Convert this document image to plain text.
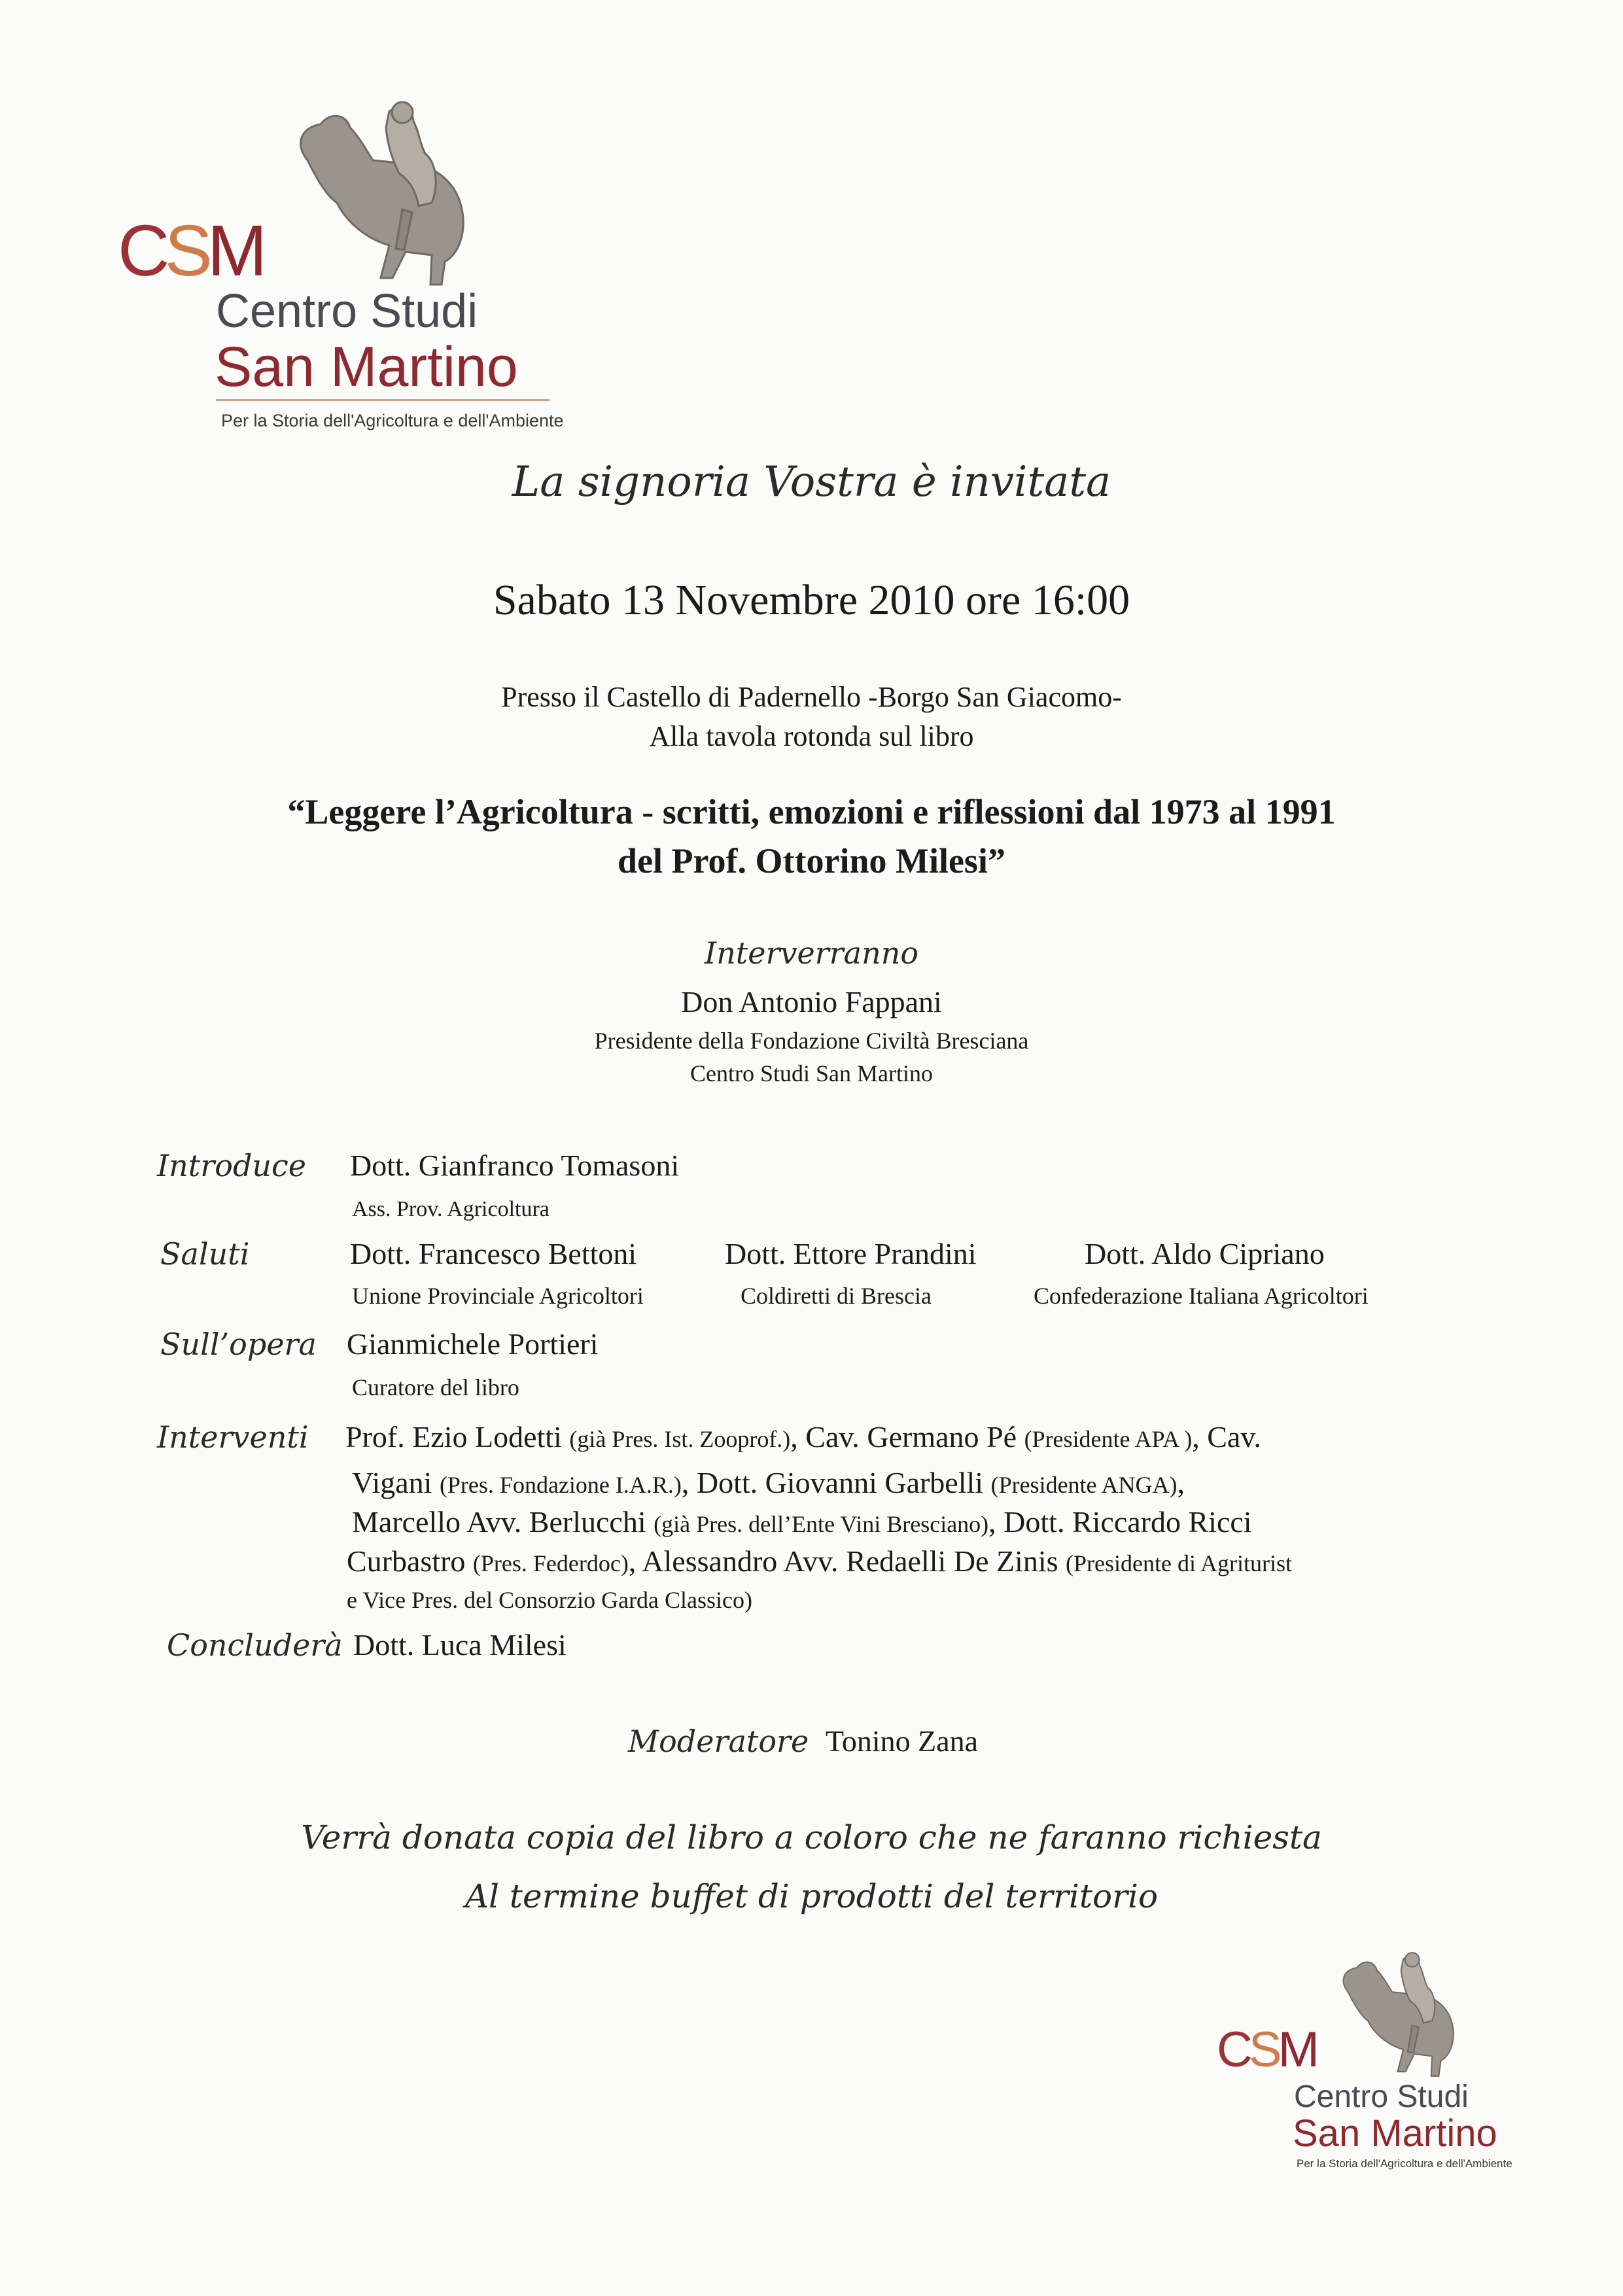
CSM
Centro Studi
San Martino
Per la Storia dell'Agricoltura e dell'Ambiente
La signoria Vostra è invitata
Sabato 13 Novembre 2010 ore 16:00
Presso il Castello di Padernello -Borgo San Giacomo-
Alla tavola rotonda sul libro
“Leggere l’Agricoltura - scritti, emozioni e riflessioni dal 1973 al 1991
del Prof. Ottorino Milesi”
Interverranno
Don Antonio Fappani
Presidente della Fondazione Civiltà Bresciana
Centro Studi San Martino
Introduce Dott. Gianfranco Tomasoni
Ass. Prov. Agricoltura
Saluti	Dott. Francesco Bettoni
Unione Provinciale Agricoltori
Dott. Ettore Prandini
Coldiretti di Brescia
Dott. Aldo Cipriano
Confederazione Italiana Agricoltori
Sull’opera Gianmichele Portieri
Curatore del libro
Interventi Prof. Ezio Lodetti (già Pres. Ist. Zooprof.), Cav. Germano Pé (Presidente APA ), Cav.
Vigani (Pres. Fondazione I.A.R.), Dott. Giovanni Garbelli (Presidente ANGA),
Marcello Avv. Berlucchi (già Pres. dell’Ente Vini Bresciano), Dott. Riccardo Ricci
Curbastro (Pres. Federdoc), Alessandro Avv. Redaelli De Zinis (Presidente di Agriturist
e Vice Pres. del Consorzio Garda Classico)
Concluderà Dott. Luca Milesi
Moderatore Tonino Zana
Verrà donata copia del libro a coloro che ne faranno richiesta
Al termine buffet di prodotti del territorio
CSM
Centro Studi
San Martino
Per la Storia dell'Agricoltura e dell'Ambiente
